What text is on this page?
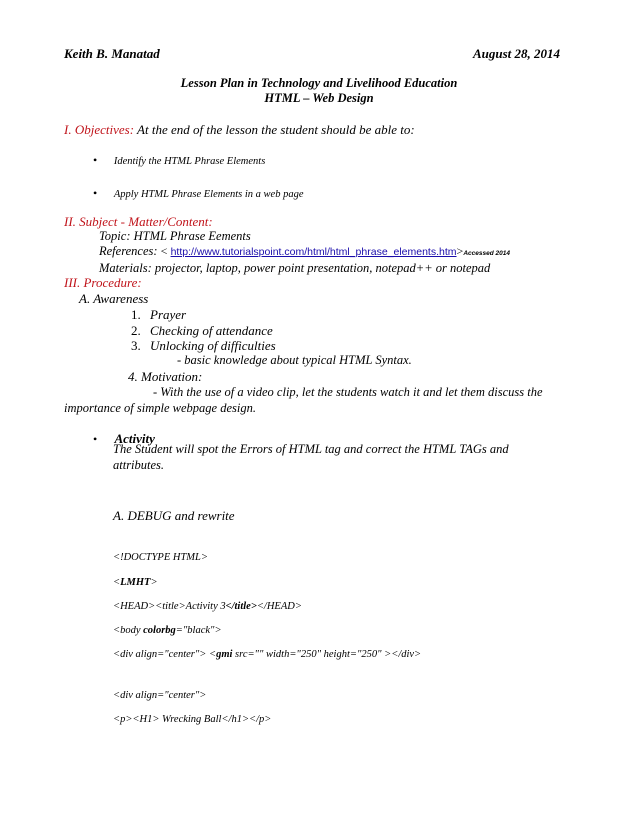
Keith B. Manatad	August 28, 2014
Lesson Plan in Technology and Livelihood Education
HTML – Web Design
I. Objectives: At the end of the lesson the student should be able to:
• Identify the HTML Phrase Elements
• Apply HTML Phrase Elements in a web page
II. Subject - Matter/Content:
Topic: HTML Phrase Eements
References: < http://www.tutorialspoint.com/html/html_phrase_elements.htm>Accessed 2014
Materials: projector, laptop, power point presentation, notepad++ or notepad
III. Procedure:
A. Awareness
1. Prayer
2. Checking of attendance
3. Unlocking of difficulties
- basic knowledge about typical HTML Syntax.
4. Motivation:
- With the use of a video clip, let the students watch it and let them discuss the
importance of simple webpage design.
• Activity
The Student will spot the Errors of HTML tag and correct the HTML TAGs and attributes.
A. DEBUG and rewrite
<!DOCTYPE HTML>
<LMHT>
<HEAD><title>Activity 3</title></HEAD>
<body colorbg="black">
<div align="center"> <gmi src="" width="250" height="250" ></div>
<div align="center">
<p><H1> Wrecking Ball</h1></p>
